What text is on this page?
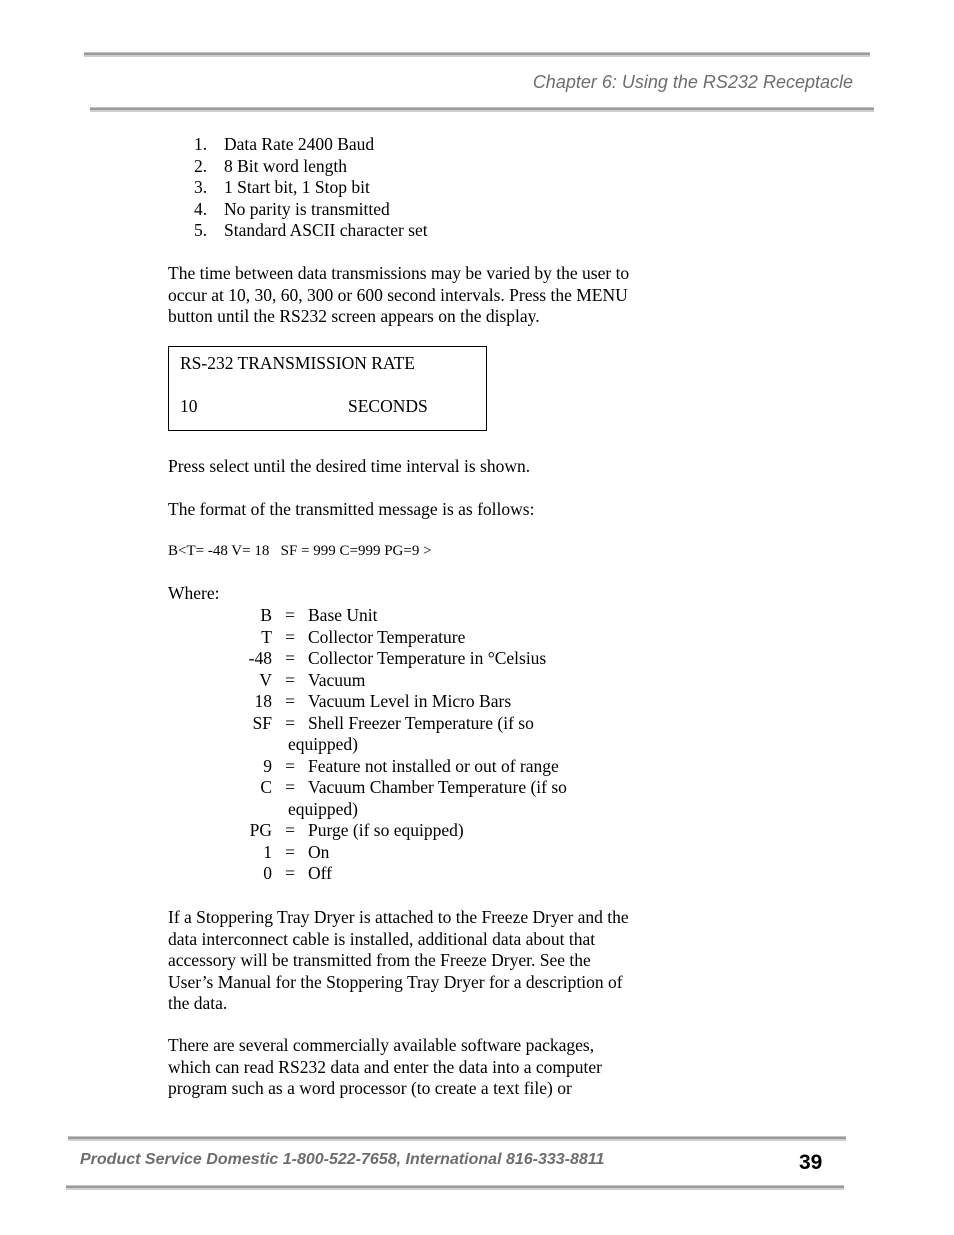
Chapter 6: Using the RS232 Receptacle
1. Data Rate 2400 Baud
2. 8 Bit word length
3. 1 Start bit, 1 Stop bit
4. No parity is transmitted
5. Standard ASCII character set
The time between data transmissions may be varied by the user to
occur at 10, 30, 60, 300 or 600 second intervals. Press the MENU
button until the RS232 screen appears on the display.
RS-232 TRANSMISSION RATE
10	SECONDS
Press select until the desired time interval is shown.
The format of the transmitted message is as follows:
B<T= -48 V= 18   SF = 999 C=999 PG=9 >
Where:
B = Base Unit
T = Collector Temperature
-48 = Collector Temperature in °Celsius
V = Vacuum
18 = Vacuum Level in Micro Bars
SF = Shell Freezer Temperature (if so
equipped)
9 = Feature not installed or out of range
C = Vacuum Chamber Temperature (if so
equipped)
PG = Purge (if so equipped)
1 = On
0 = Off
If a Stoppering Tray Dryer is attached to the Freeze Dryer and the
data interconnect cable is installed, additional data about that
accessory will be transmitted from the Freeze Dryer. See the
User’s Manual for the Stoppering Tray Dryer for a description of
the data.
There are several commercially available software packages,
which can read RS232 data and enter the data into a computer
program such as a word processor (to create a text file) or
Product Service Domestic 1-800-522-7658, International 816-333-8811	39
